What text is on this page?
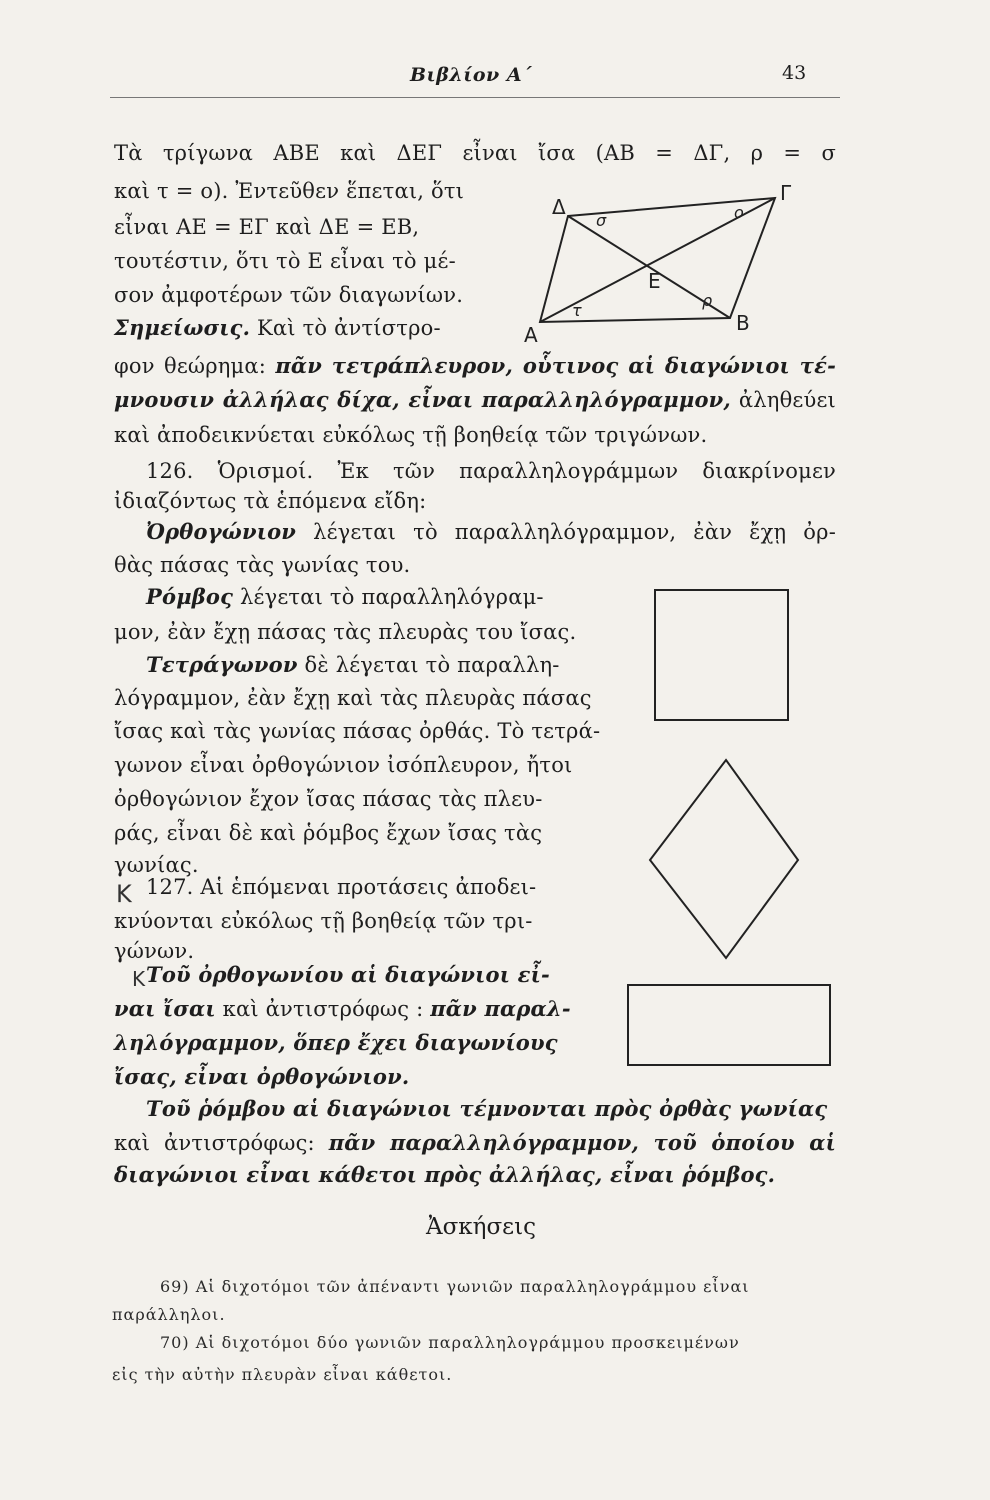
Βιβλίον Α΄	43
Τὰ τρίγωνα ΑΒΕ καὶ ΔΕΓ εἶναι ἴσα (ΑΒ = ΔΓ, ρ = σ
καὶ τ = ο). Ἐντεῦθεν ἕπεται, ὅτι
εἶναι ΑΕ = ΕΓ καὶ ΔΕ = ΕΒ,
τουτέστιν, ὅτι τὸ Ε εἶναι τὸ μέ-
σον ἀμφοτέρων τῶν διαγωνίων.
Σημείωσις. Καὶ τὸ ἀντίστρο-
φον θεώρημα: πᾶν τετράπλευρον, οὗτινος αἱ διαγώνιοι τέ-
μνουσιν ἀλλήλας δίχα, εἶναι παραλληλόγραμμον, ἀληθεύει
καὶ ἀποδεικνύεται εὐκόλως τῇ βοηθείᾳ τῶν τριγώνων.
126. Ὁρισμοί. Ἐκ τῶν παραλληλογράμμων διακρίνομεν
ἰδιαζόντως τὰ ἑπόμενα εἴδη:
Ὀρθογώνιον λέγεται τὸ παραλληλόγραμμον, ἐὰν ἔχῃ ὀρ-
θὰς πάσας τὰς γωνίας του.
Ρόμβος λέγεται τὸ παραλληλόγραμ-
μον, ἐὰν ἔχῃ πάσας τὰς πλευρὰς του ἴσας.
Τετράγωνον δὲ λέγεται τὸ παραλλη-
λόγραμμον, ἐὰν ἔχῃ καὶ τὰς πλευρὰς πάσας
ἴσας καὶ τὰς γωνίας πάσας ὀρθάς. Τὸ τετρά-
γωνον εἶναι ὀρθογώνιον ἰσόπλευρον, ἤτοι
ὀρθογώνιον ἔχον ἴσας πάσας τὰς πλευ-
ράς, εἶναι δὲ καὶ ῥόμβος ἔχων ἴσας τὰς
γωνίας.
127. Αἱ ἑπόμεναι προτάσεις ἀποδει-
κνύονται εὐκόλως τῇ βοηθείᾳ τῶν τρι-
γώνων.
Τοῦ ὀρθογωνίου αἱ διαγώνιοι εἶ-
ναι ἴσαι καὶ ἀντιστρόφως : πᾶν παραλ-
ληλόγραμμον, ὅπερ ἔχει διαγωνίους
ἴσας, εἶναι ὀρθογώνιον.
Τοῦ ῥόμβου αἱ διαγώνιοι τέμνονται πρὸς ὀρθὰς γωνίας
καὶ ἀντιστρόφως: πᾶν παραλληλόγραμμον, τοῦ ὁποίου αἱ
διαγώνιοι εἶναι κάθετοι πρὸς ἀλλήλας, εἶναι ῥόμβος.
Ἀσκήσεις
69) Αἱ διχοτόμοι τῶν ἀπέναντι γωνιῶν παραλληλογράμμου εἶναι
παράλληλοι.
70) Αἱ διχοτόμοι δύο γωνιῶν παραλληλογράμμου προσκειμένων
εἰς τὴν αὐτὴν πλευρὰν εἶναι κάθετοι.
Δ
Γ
Α	Β
Ε
σ	ο
τ
ρ
Κ
Κ
